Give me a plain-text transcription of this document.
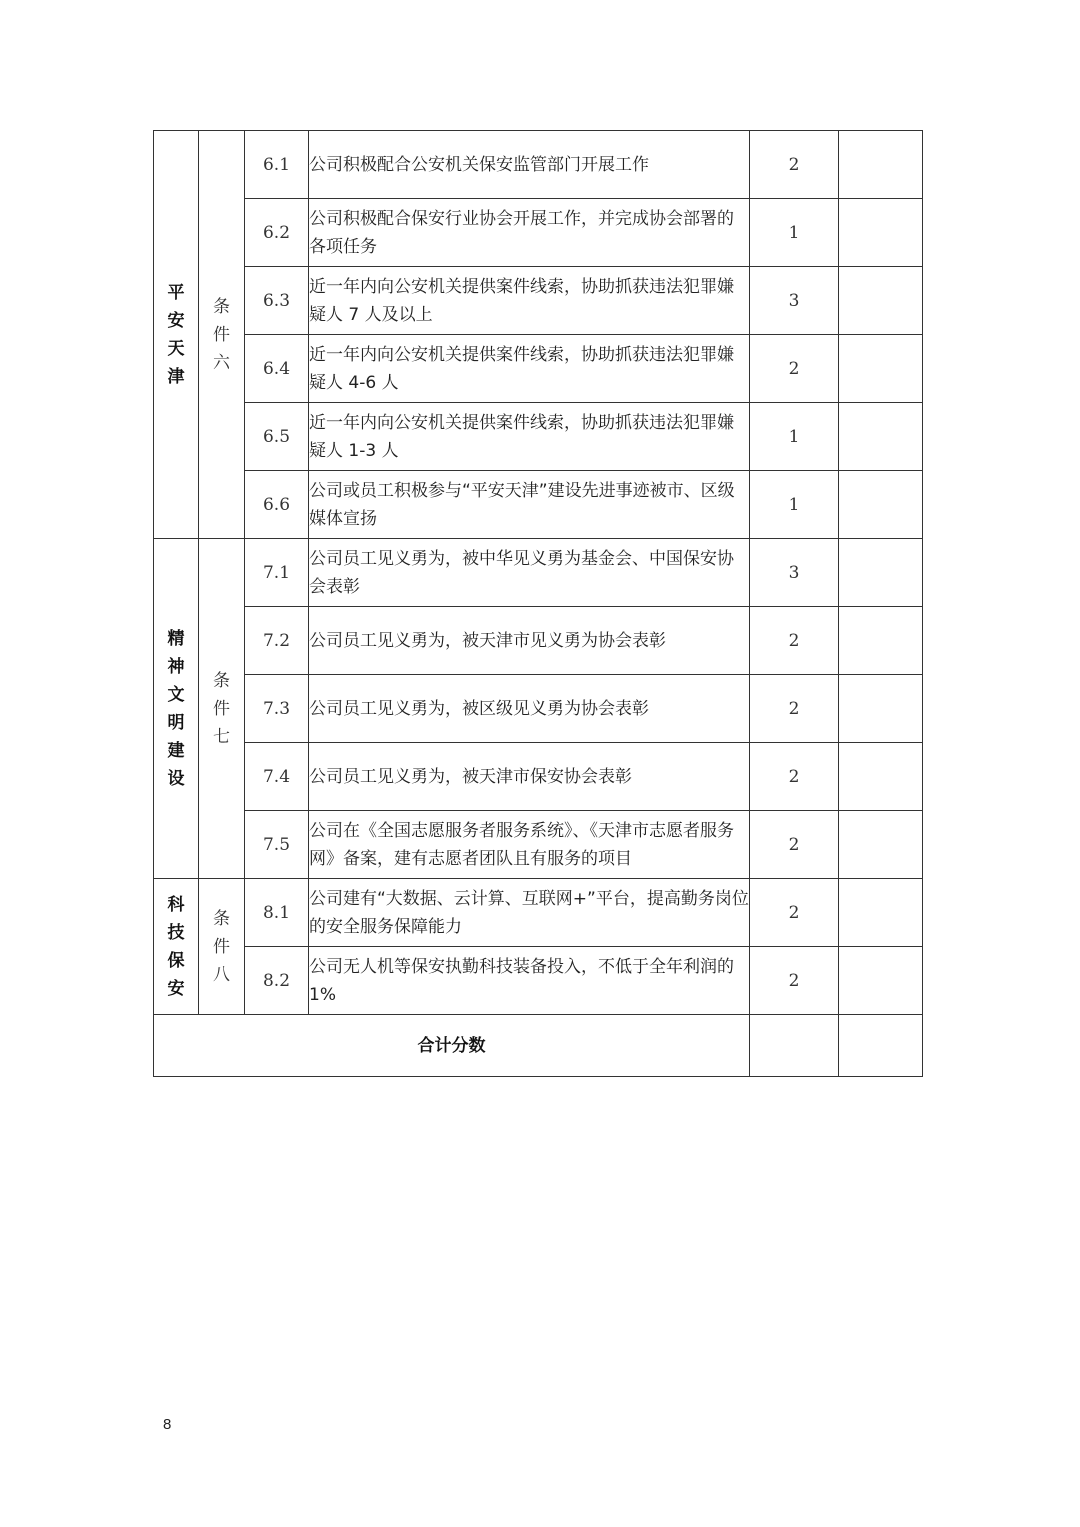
平安天津	条件六	6.1	公司积极配合公安机关保安监管部门开展工作	2	
		6.2	公司积极配合保安行业协会开展工作，并完成协会部署的各项任务	1	
		6.3	近一年内向公安机关提供案件线索，协助抓获违法犯罪嫌疑人 7 人及以上	3	
		6.4	近一年内向公安机关提供案件线索，协助抓获违法犯罪嫌疑人 4-6 人	2	
		6.5	近一年内向公安机关提供案件线索，协助抓获违法犯罪嫌疑人 1-3 人	1	
		6.6	公司或员工积极参与“平安天津”建设先进事迹被市、区级媒体宣扬	1	
精神文明建设	条件七	7.1	公司员工见义勇为，被中华见义勇为基金会、中国保安协会表彰	3	
		7.2	公司员工见义勇为，被天津市见义勇为协会表彰	2	
		7.3	公司员工见义勇为，被区级见义勇为协会表彰	2	
		7.4	公司员工见义勇为，被天津市保安协会表彰	2	
		7.5	公司在《全国志愿服务者服务系统》、《天津市志愿者服务网》备案，建有志愿者团队且有服务的项目	2	
科技保安	条件八	8.1	公司建有“大数据、云计算、互联网+”平台，提高勤务岗位的安全服务保障能力	2	
		8.2	公司无人机等保安执勤科技装备投入，不低于全年利润的 1%	2	
合计分数					
8
